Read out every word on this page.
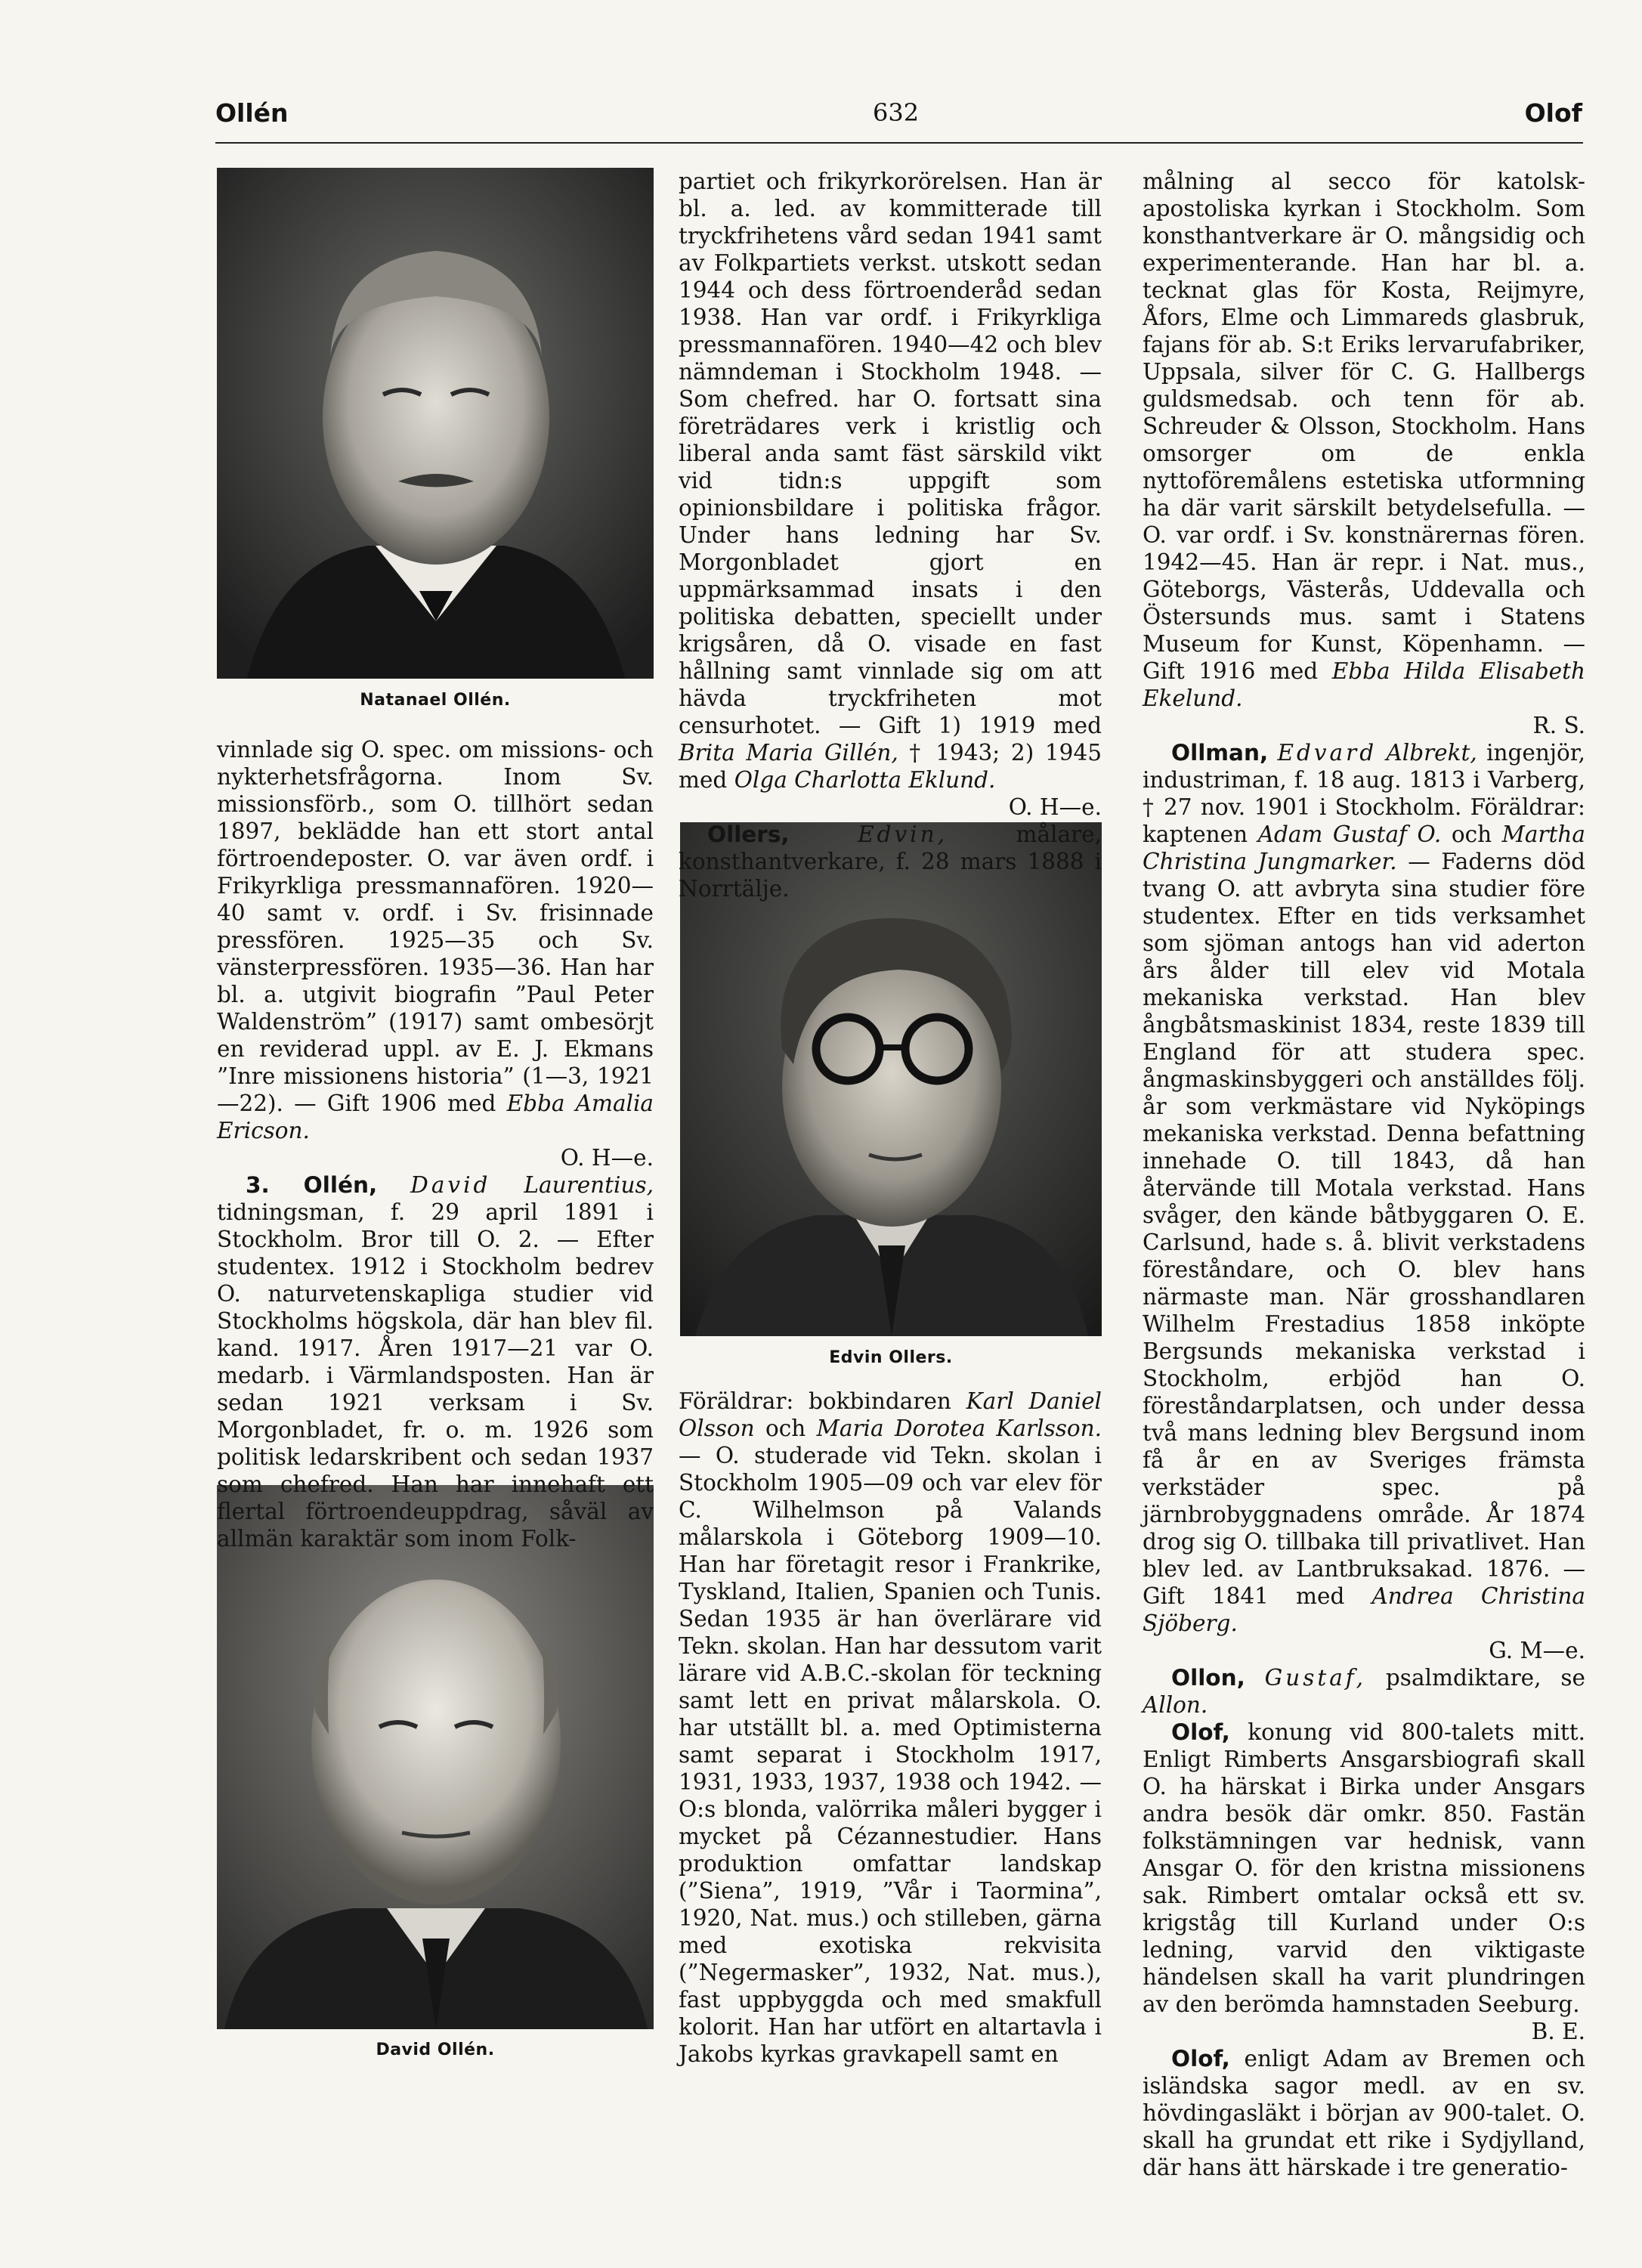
Ollén	632	Olof
Natanael Ollén.
Edvin Ollers.
David Ollén.

vinnlade sig O. spec. om missions- och nykterhetsfrågorna. Inom Sv. missionsförb., som O. tillhört sedan 1897, beklädde han ett stort antal förtroendeposter. O. var även ordf. i Frikyrkliga pressmannafören. 1920—40 samt v. ordf. i Sv. frisinnade pressfören. 1925—35 och Sv. vänsterpressfören. 1935—36. Han har bl. a. utgivit biografin ”Paul Peter Waldenström” (1917) samt ombesörjt en reviderad uppl. av E. J. Ekmans ”Inre missionens historia” (1—3, 1921—22). — Gift 1906 med Ebba Amalia Ericson.

O. H—e.

3. Ollén, David Laurentius, tidningsman, f. 29 april 1891 i Stockholm. Bror till O. 2. — Efter studentex. 1912 i Stockholm bedrev O. naturvetenskapliga studier vid Stockholms högskola, där han blev fil. kand. 1917. Åren 1917—21 var O. medarb. i Värmlandsposten. Han är sedan 1921 verksam i Sv. Morgonbladet, fr. o. m. 1926 som politisk ledarskribent och sedan 1937 som chefred. Han har innehaft ett flertal förtroendeuppdrag, såväl av allmän karaktär som inom Folk-

partiet och frikyrkorörelsen. Han är bl. a. led. av kommitterade till tryckfrihetens vård sedan 1941 samt av Folkpartiets verkst. utskott sedan 1944 och dess förtroenderåd sedan 1938. Han var ordf. i Frikyrkliga pressmannafören. 1940—42 och blev nämndeman i Stockholm 1948. — Som chefred. har O. fortsatt sina företrädares verk i kristlig och liberal anda samt fäst särskild vikt vid tidn:s uppgift som opinionsbildare i politiska frågor. Under hans ledning har Sv. Morgonbladet gjort en uppmärksammad insats i den politiska debatten, speciellt under krigsåren, då O. visade en fast hållning samt vinnlade sig om att hävda tryckfriheten mot censurhotet. — Gift 1) 1919 med Brita Maria Gillén, † 1943; 2) 1945 med Olga Charlotta Eklund.

O. H—e.

Ollers,	Edvin,	målare, konsthantverkare, f. 28 mars 1888 i Norrtälje.

Föräldrar: bokbindaren Karl Daniel Olsson och Maria Dorotea Karlsson. — O. studerade vid Tekn. skolan i Stockholm 1905—09 och var elev för C. Wilhelmson på Valands målarskola i Göteborg 1909—10. Han har företagit resor i Frankrike, Tyskland, Italien, Spanien och Tunis. Sedan 1935 är han överlärare vid Tekn. skolan. Han har dessutom varit lärare vid A.B.C.-skolan för teckning samt lett en privat målarskola. O. har utställt bl. a. med Optimisterna samt separat i Stockholm 1917, 1931, 1933, 1937, 1938 och 1942. — O:s blonda, valörrika måleri bygger i mycket på Cézannestudier. Hans produktion omfattar landskap (”Siena”, 1919, ”Vår i Taormina”, 1920, Nat. mus.) och stilleben, gärna med exotiska rekvisita (”Negermasker”, 1932, Nat. mus.), fast uppbyggda och med smakfull kolorit. Han har utfört en altartavla i Jakobs kyrkas gravkapell samt en

målning al secco för katolsk-apostoliska kyrkan i Stockholm. Som konsthantverkare är O. mångsidig och experimenterande. Han har bl. a. tecknat glas för Kosta, Reijmyre, Åfors, Elme och Limmareds glasbruk, fajans för ab. S:t Eriks lervarufabriker, Uppsala, silver för C. G. Hallbergs guldsmedsab. och tenn för ab. Schreuder & Olsson, Stockholm. Hans omsorger om de enkla nyttoföremålens estetiska utformning ha där varit särskilt betydelsefulla. — O. var ordf. i Sv. konstnärernas fören. 1942—45. Han är repr. i Nat. mus., Göteborgs, Västerås, Uddevalla och Östersunds mus. samt i Statens Museum for Kunst, Köpenhamn. — Gift 1916 med Ebba Hilda Elisabeth Ekelund.

R. S.

Ollman, Edvard Albrekt, ingenjör, industriman, f. 18 aug. 1813 i Varberg, † 27 nov. 1901 i Stockholm. Föräldrar: kaptenen Adam Gustaf O. och Martha Christina Jungmarker. — Faderns död tvang O. att avbryta sina studier före studentex. Efter en tids verksamhet som sjöman antogs han vid aderton års ålder till elev vid Motala mekaniska verkstad. Han blev ångbåtsmaskinist 1834, reste 1839 till England för att studera spec. ångmaskinsbyggeri och anställdes följ. år som verkmästare vid Nyköpings mekaniska verkstad. Denna befattning innehade O. till 1843, då han återvände till Motala verkstad. Hans svåger, den kände båtbyggaren O. E. Carlsund, hade s. å. blivit verkstadens föreståndare, och O. blev hans närmaste man. När grosshandlaren Wilhelm Frestadius 1858 inköpte Bergsunds mekaniska verkstad i Stockholm, erbjöd han O. föreståndarplatsen, och under dessa två mans ledning blev Bergsund inom få år en av Sveriges främsta verkstäder spec. på järnbrobyggnadens område. År 1874 drog sig O. tillbaka till privatlivet. Han blev led. av Lantbruksakad. 1876. — Gift 1841 med Andrea Christina Sjöberg.

G. M—e.

Ollon, Gustaf, psalmdiktare, se Allon.

Olof, konung vid 800-talets mitt. Enligt Rimberts Ansgarsbiografi skall O. ha härskat i Birka under Ansgars andra besök där omkr. 850. Fastän folkstämningen var hednisk, vann Ansgar O. för den kristna missionens sak. Rimbert omtalar också ett sv. krigståg till Kurland under O:s ledning, varvid den viktigaste händelsen skall ha varit plundringen av den berömda hamnstaden Seeburg.

B. E.

Olof, enligt Adam av Bremen och isländska sagor medl. av en sv. hövdingasläkt i början av 900-talet. O. skall ha grundat ett rike i Sydjylland, där hans ätt härskade i tre generatio-
